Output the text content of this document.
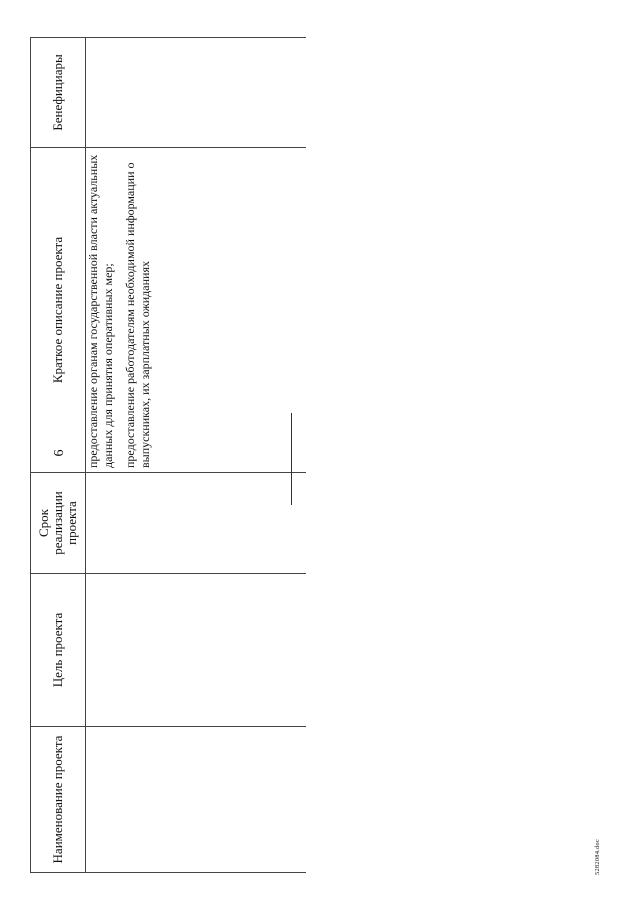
6
Наименование проекта	Цель проекта	Срок реализации проекта	Краткое описание проекта	Бенефициары

			предоставление органам государственной власти актуальных данных для принятия оперативных мер; предоставление работодателям необходимой информации о выпускниках, их зарплатных ожиданиях	

5282084.doc
